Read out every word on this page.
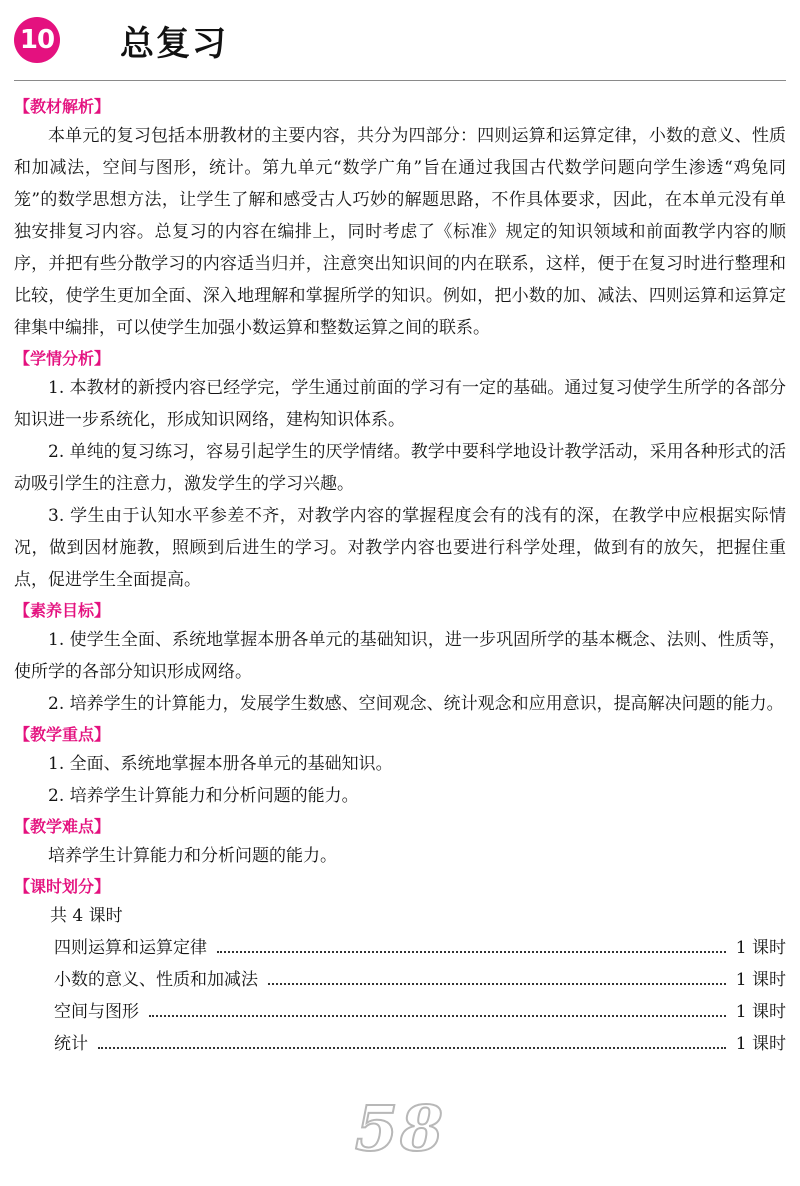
10 总复习
【教材解析】

本单元的复习包括本册教材的主要内容，共分为四部分：四则运算和运算定律，小数的意义、性质和加减法，空间与图形，统计。第九单元“数学广角”旨在通过我国古代数学问题向学生渗透“鸡兔同笼”的数学思想方法，让学生了解和感受古人巧妙的解题思路，不作具体要求，因此，在本单元没有单独安排复习内容。总复习的内容在编排上，同时考虑了《标准》规定的知识领域和前面教学内容的顺序，并把有些分散学习的内容适当归并，注意突出知识间的内在联系，这样，便于在复习时进行整理和比较，使学生更加全面、深入地理解和掌握所学的知识。例如，把小数的加、减法、四则运算和运算定律集中编排，可以使学生加强小数运算和整数运算之间的联系。

【学情分析】

1. 本教材的新授内容已经学完，学生通过前面的学习有一定的基础。通过复习使学生所学的各部分知识进一步系统化，形成知识网络，建构知识体系。

2. 单纯的复习练习，容易引起学生的厌学情绪。教学中要科学地设计教学活动，采用各种形式的活动吸引学生的注意力，激发学生的学习兴趣。

3. 学生由于认知水平参差不齐，对教学内容的掌握程度会有的浅有的深，在教学中应根据实际情况，做到因材施教，照顾到后进生的学习。对教学内容也要进行科学处理，做到有的放矢，把握住重点，促进学生全面提高。

【素养目标】

1. 使学生全面、系统地掌握本册各单元的基础知识，进一步巩固所学的基本概念、法则、性质等，使所学的各部分知识形成网络。

2. 培养学生的计算能力，发展学生数感、空间观念、统计观念和应用意识，提高解决问题的能力。

【教学重点】

1. 全面、系统地掌握本册各单元的基础知识。

2. 培养学生计算能力和分析问题的能力。

【教学难点】

培养学生计算能力和分析问题的能力。

【课时划分】
共 4 课时
四则运算和运算定律	1 课时
小数的意义、性质和加减法	1 课时
空间与图形	1 课时
统计	1 课时
58
